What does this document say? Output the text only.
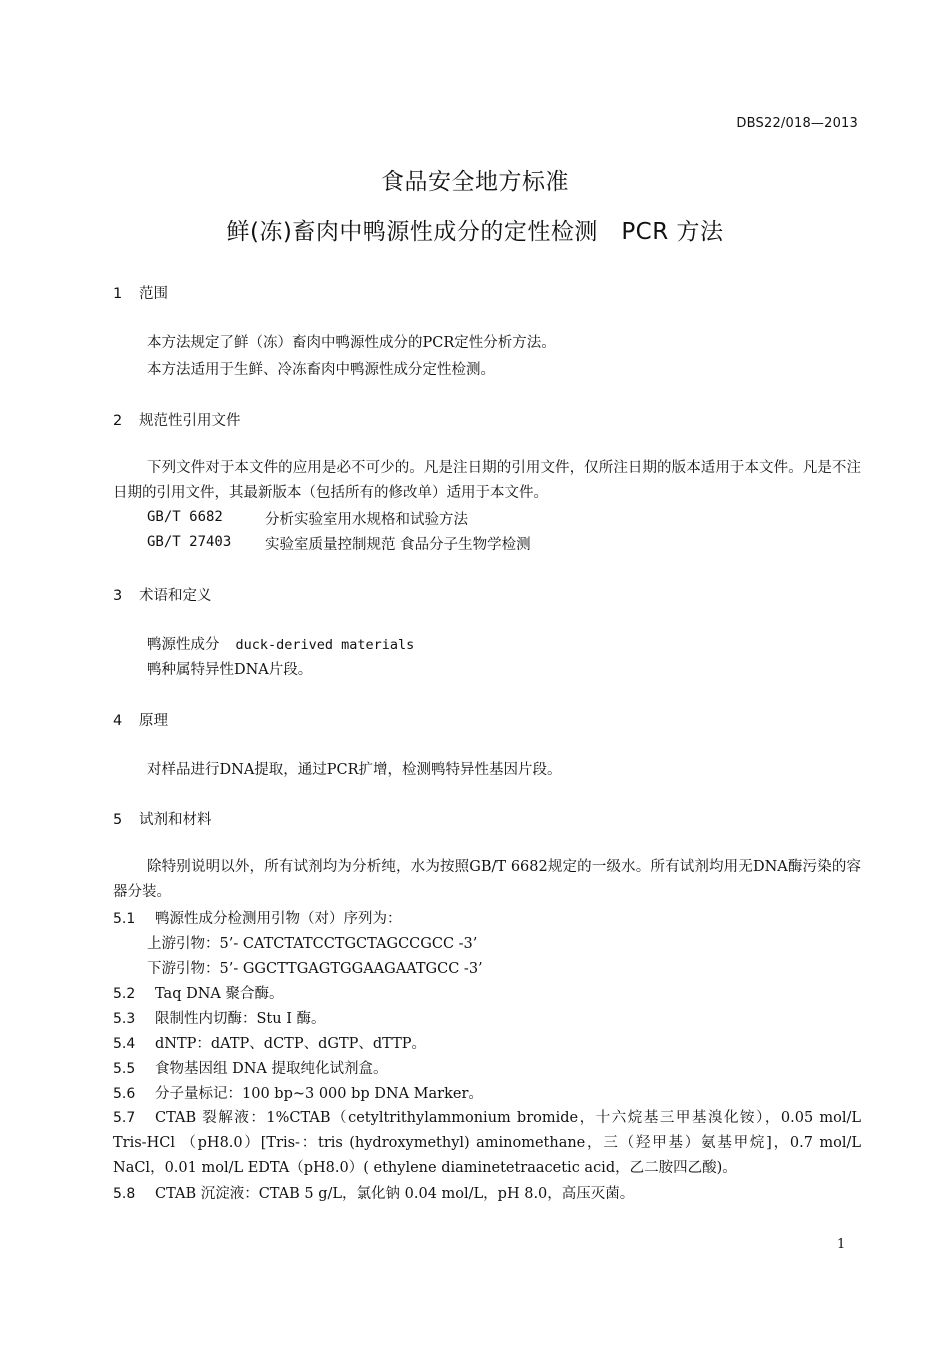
DBS22/018—2013
食品安全地方标准
鲜(冻)畜肉中鸭源性成分的定性检测   PCR 方法
1 范围
本方法规定了鲜（冻）畜肉中鸭源性成分的PCR定性分析方法。
本方法适用于生鲜、冷冻畜肉中鸭源性成分定性检测。
2 规范性引用文件
下列文件对于本文件的应用是必不可少的。凡是注日期的引用文件，仅所注日期的版本适用于本文件。凡是不注日期的引用文件，其最新版本（包括所有的修改单）适用于本文件。
GB/T 6682	分析实验室用水规格和试验方法
GB/T 27403 实验室质量控制规范 食品分子生物学检测
3 术语和定义
鸭源性成分 duck-derived materials
鸭种属特异性DNA片段。
4 原理
对样品进行DNA提取，通过PCR扩增，检测鸭特异性基因片段。
5 试剂和材料
除特别说明以外，所有试剂均为分析纯，水为按照GB/T 6682规定的一级水。所有试剂均用无DNA酶污染的容器分装。
5.1 鸭源性成分检测用引物（对）序列为：
上游引物：5’- CATCTATCCTGCTAGCCGCC -3’
下游引物：5’- GGCTTGAGTGGAAGAATGCC -3’
5.2 Taq DNA 聚合酶。
5.3 限制性内切酶：Stu I 酶。
5.4 dNTP：dATP、dCTP、dGTP、dTTP。
5.5 食物基因组 DNA 提取纯化试剂盒。
5.6 分子量标记：100 bp~3 000 bp DNA Marker。
5.7 CTAB 裂解液：1%CTAB（cetyltrithylammonium bromide，十六烷基三甲基溴化铵），0.05 mol/L Tris-HCl （pH8.0）[Tris-：tris (hydroxymethyl) aminomethane，三（羟甲基）氨基甲烷]，0.7 mol/L NaCl，0.01 mol/L EDTA（pH8.0）( ethylene diaminetetraacetic acid，乙二胺四乙酸)。
5.8 CTAB 沉淀液：CTAB 5 g/L，氯化钠 0.04 mol/L，pH 8.0，高压灭菌。
1
